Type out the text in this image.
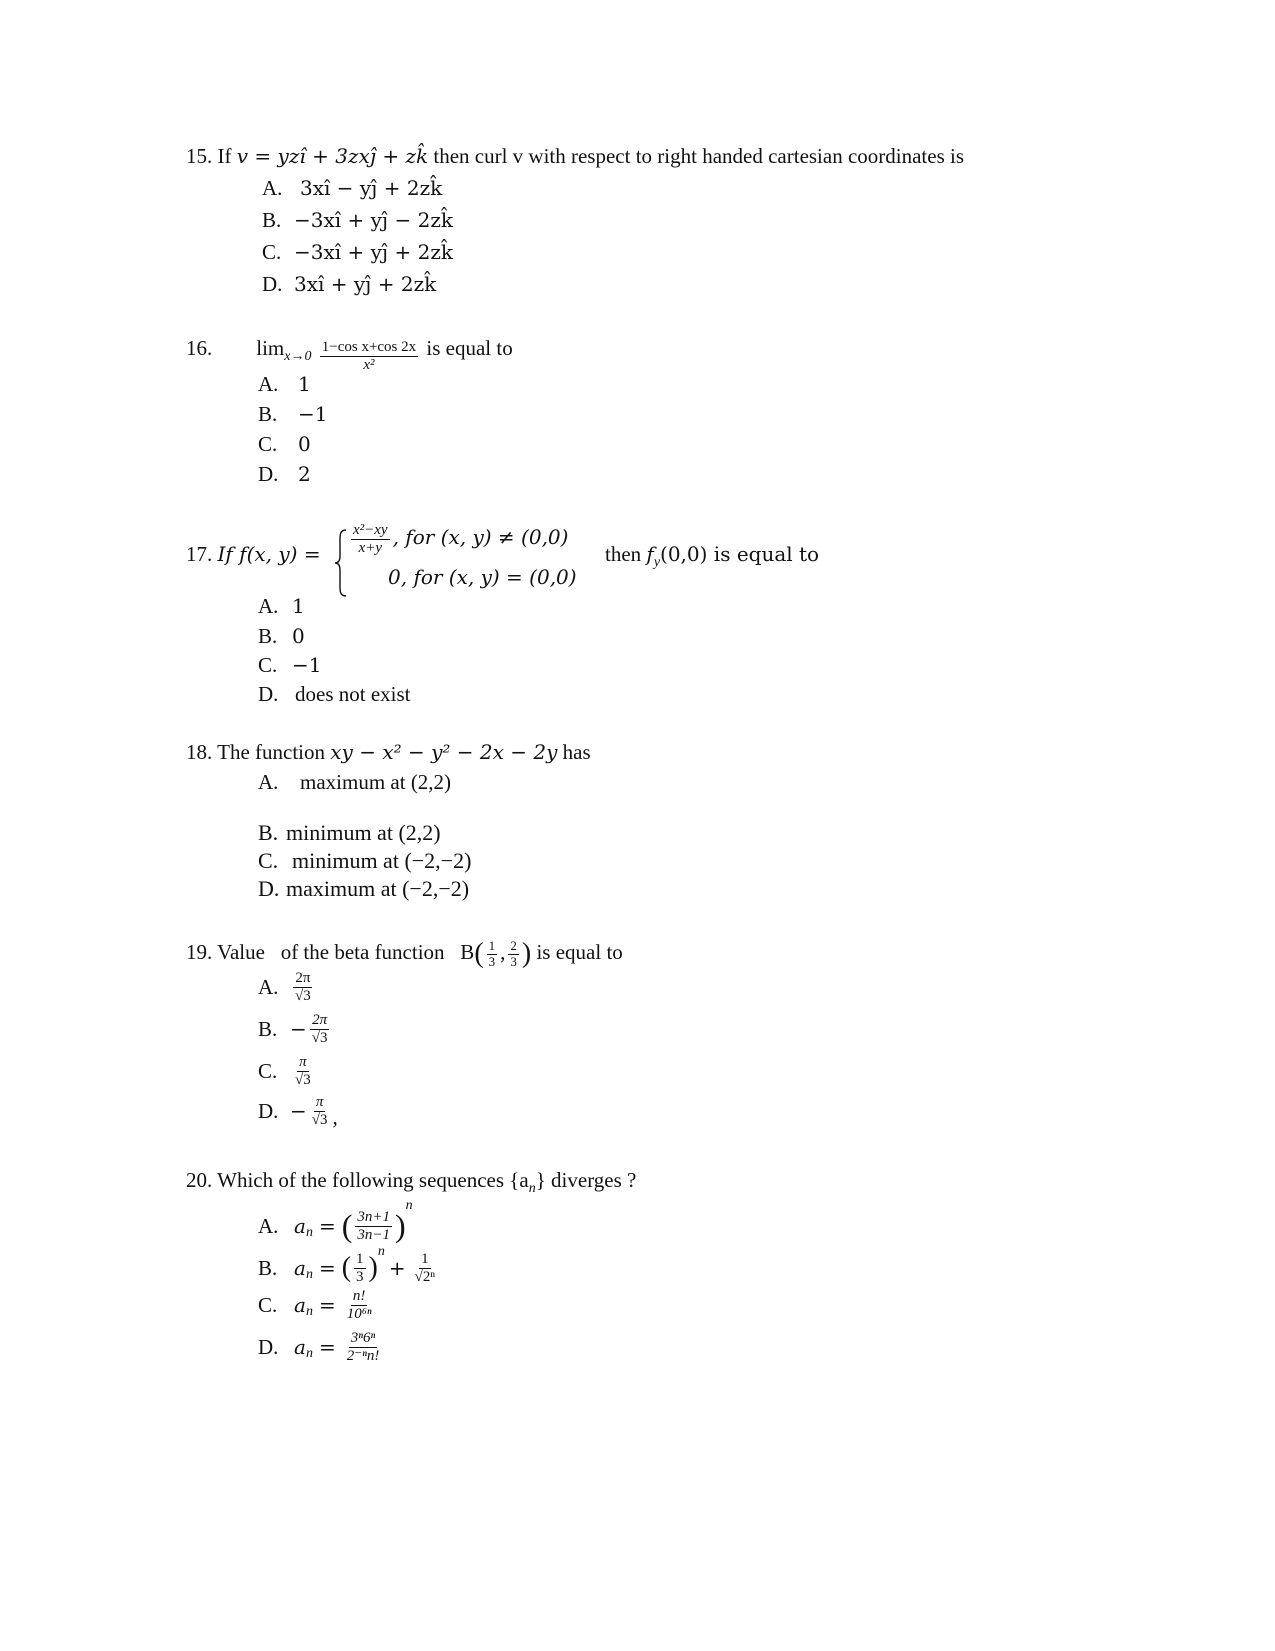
15. If v = yzî + 3zxĵ + zk̂ then curl v with respect to right handed cartesian coordinates is
A. 3xî − yĵ + 2zk̂
B. −3xî + yĵ − 2zk̂
C. −3xî + yĵ + 2zk̂
D. 3xî + yĵ + 2zk̂
16. $\lim_{x\to 0} \frac{\text{1−cos x+cos 2x}}{\text{x²}}$ is equal to
A. 1
B. −1
C. 0
D. 2
17. If f(x, $y) = \frac{\text{x²−xy}}{x+y}$ , for (x, y) ≠ (0,0)
0, for (x, y) = (0,0)
then $f_y(0,0)$ is equal to
A. 1
B. 0
C. −1
D. does not exist
18. The function xy − x² − y² − 2x − 2y has
A. maximum at (2,2)
B. minimum at (2,2)
C. minimum at (−2,−2)
D. maximum at (−2,−2)
19. Value   of the beta function   $B( \frac{1}{3}$ , $\frac{2}{3}$ ) is equal to
A. $\frac{2\pi}{√3}$
B. − $\frac{2\pi}{√3}$
C. $\frac{\pi}{√3}$
D. − $\frac{\pi}{√3}$ ,
20. Which of the following sequences $\{a_n\}$ diverges ?
A. $a_n$ = ( $\frac{3n+1}{3n-1} )^n$
B. $a_n$ = ( $\frac{1}{3} )^n+ \frac{1}{\text{√2ⁿ}}$
C. $a_n = \frac{n!}{\text{10⁶ⁿ}}$
D. $a_n = \frac{\text{3ⁿ6ⁿ}}{\text{2⁻ⁿn!}}$
